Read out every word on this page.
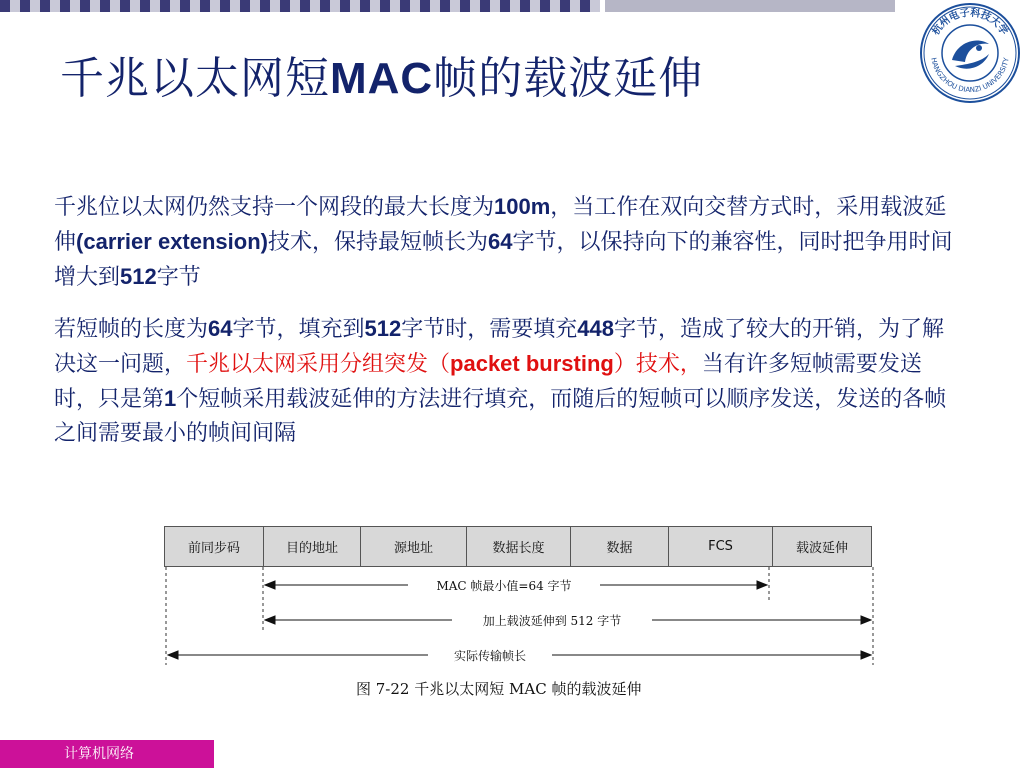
千兆以太网短MAC帧的载波延伸
杭州电子科技大学
HANGZHOU DIANZI UNIVERSITY
千兆位以太网仍然支持一个网段的最大长度为100m，当工作在双向交替方式时，采用载波延伸(carrier extension)技术，保持最短帧长为64字节，以保持向下的兼容性，同时把争用时间增大到512字节
若短帧的长度为64字节，填充到512字节时，需要填充448字节，造成了较大的开销，为了解决这一问题，千兆以太网采用分组突发（packet bursting）技术，当有许多短帧需要发送时，只是第1个短帧采用载波延伸的方法进行填充，而随后的短帧可以顺序发送，发送的各帧之间需要最小的帧间间隔
前同步码	目的地址	源地址	数据长度	数据	FCS	载波延伸
MAC 帧最小值=64 字节
加上载波延伸到 512 字节
实际传输帧长
图 7-22 千兆以太网短 MAC 帧的载波延伸
计算机网络
